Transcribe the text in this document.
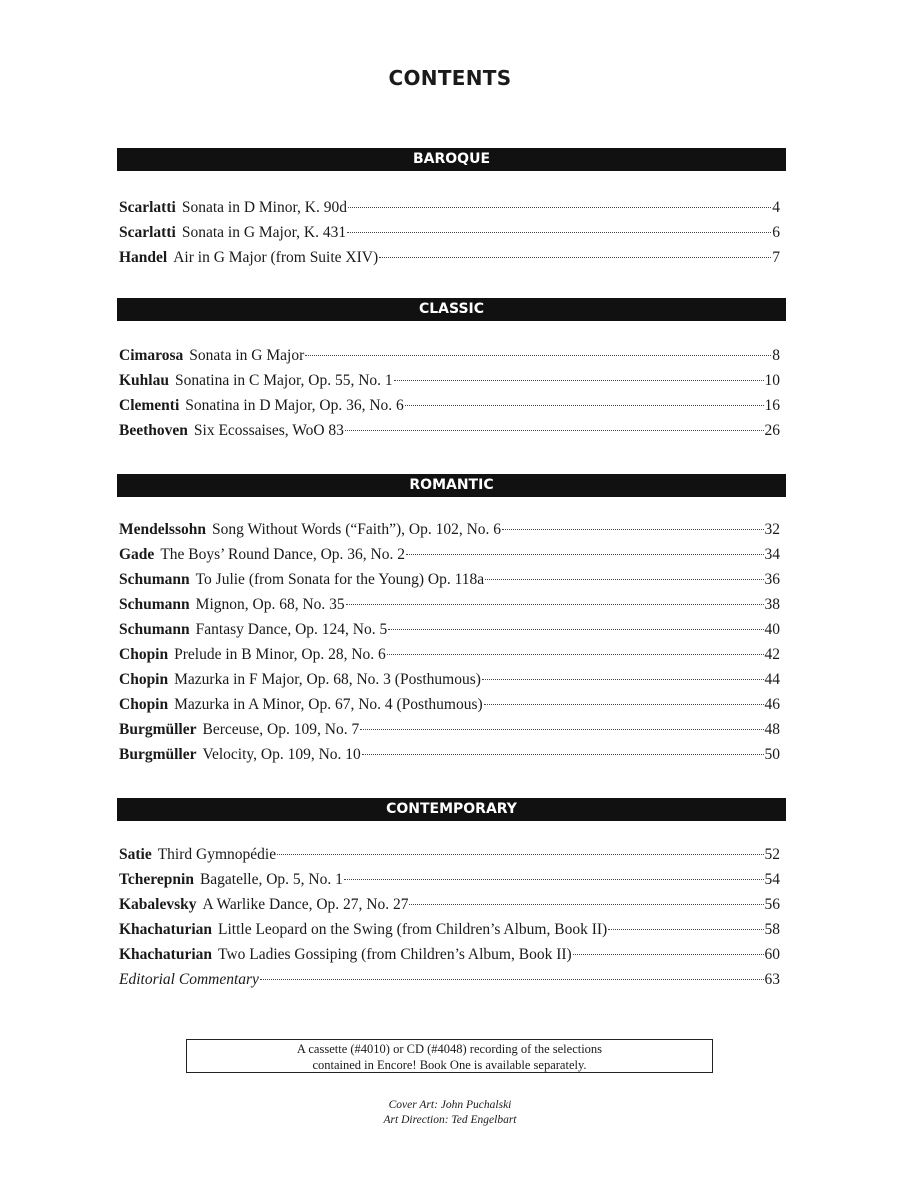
CONTENTS
BAROQUE
Scarlatti Sonata in D Minor, K. 90d	4
Scarlatti Sonata in G Major, K. 431	6
Handel Air in G Major (from Suite XIV)	7
CLASSIC
Cimarosa Sonata in G Major	8
Kuhlau Sonatina in C Major, Op. 55, No. 1	10
Clementi Sonatina in D Major, Op. 36, No. 6	16
Beethoven Six Ecossaises, WoO 83	26
ROMANTIC
Mendelssohn Song Without Words (“Faith”), Op. 102, No. 6	32
Gade The Boys’ Round Dance, Op. 36, No. 2	34
Schumann To Julie (from Sonata for the Young) Op. 118a	36
Schumann Mignon, Op. 68, No. 35	38
Schumann Fantasy Dance, Op. 124, No. 5	40
Chopin Prelude in B Minor, Op. 28, No. 6	42
Chopin Mazurka in F Major, Op. 68, No. 3 (Posthumous)	44
Chopin Mazurka in A Minor, Op. 67, No. 4 (Posthumous)	46
Burgmüller Berceuse, Op. 109, No. 7	48
Burgmüller Velocity, Op. 109, No. 10	50
CONTEMPORARY
Satie Third Gymnopédie	52
Tcherepnin Bagatelle, Op. 5, No. 1	54
Kabalevsky A Warlike Dance, Op. 27, No. 27	56
Khachaturian Little Leopard on the Swing (from Children’s Album, Book II)	58
Khachaturian Two Ladies Gossiping (from Children’s Album, Book II)	60
Editorial Commentary	63
A cassette (#4010) or CD (#4048) recording of the selections
contained in Encore! Book One is available separately.
Cover Art: John Puchalski
Art Direction: Ted Engelbart
